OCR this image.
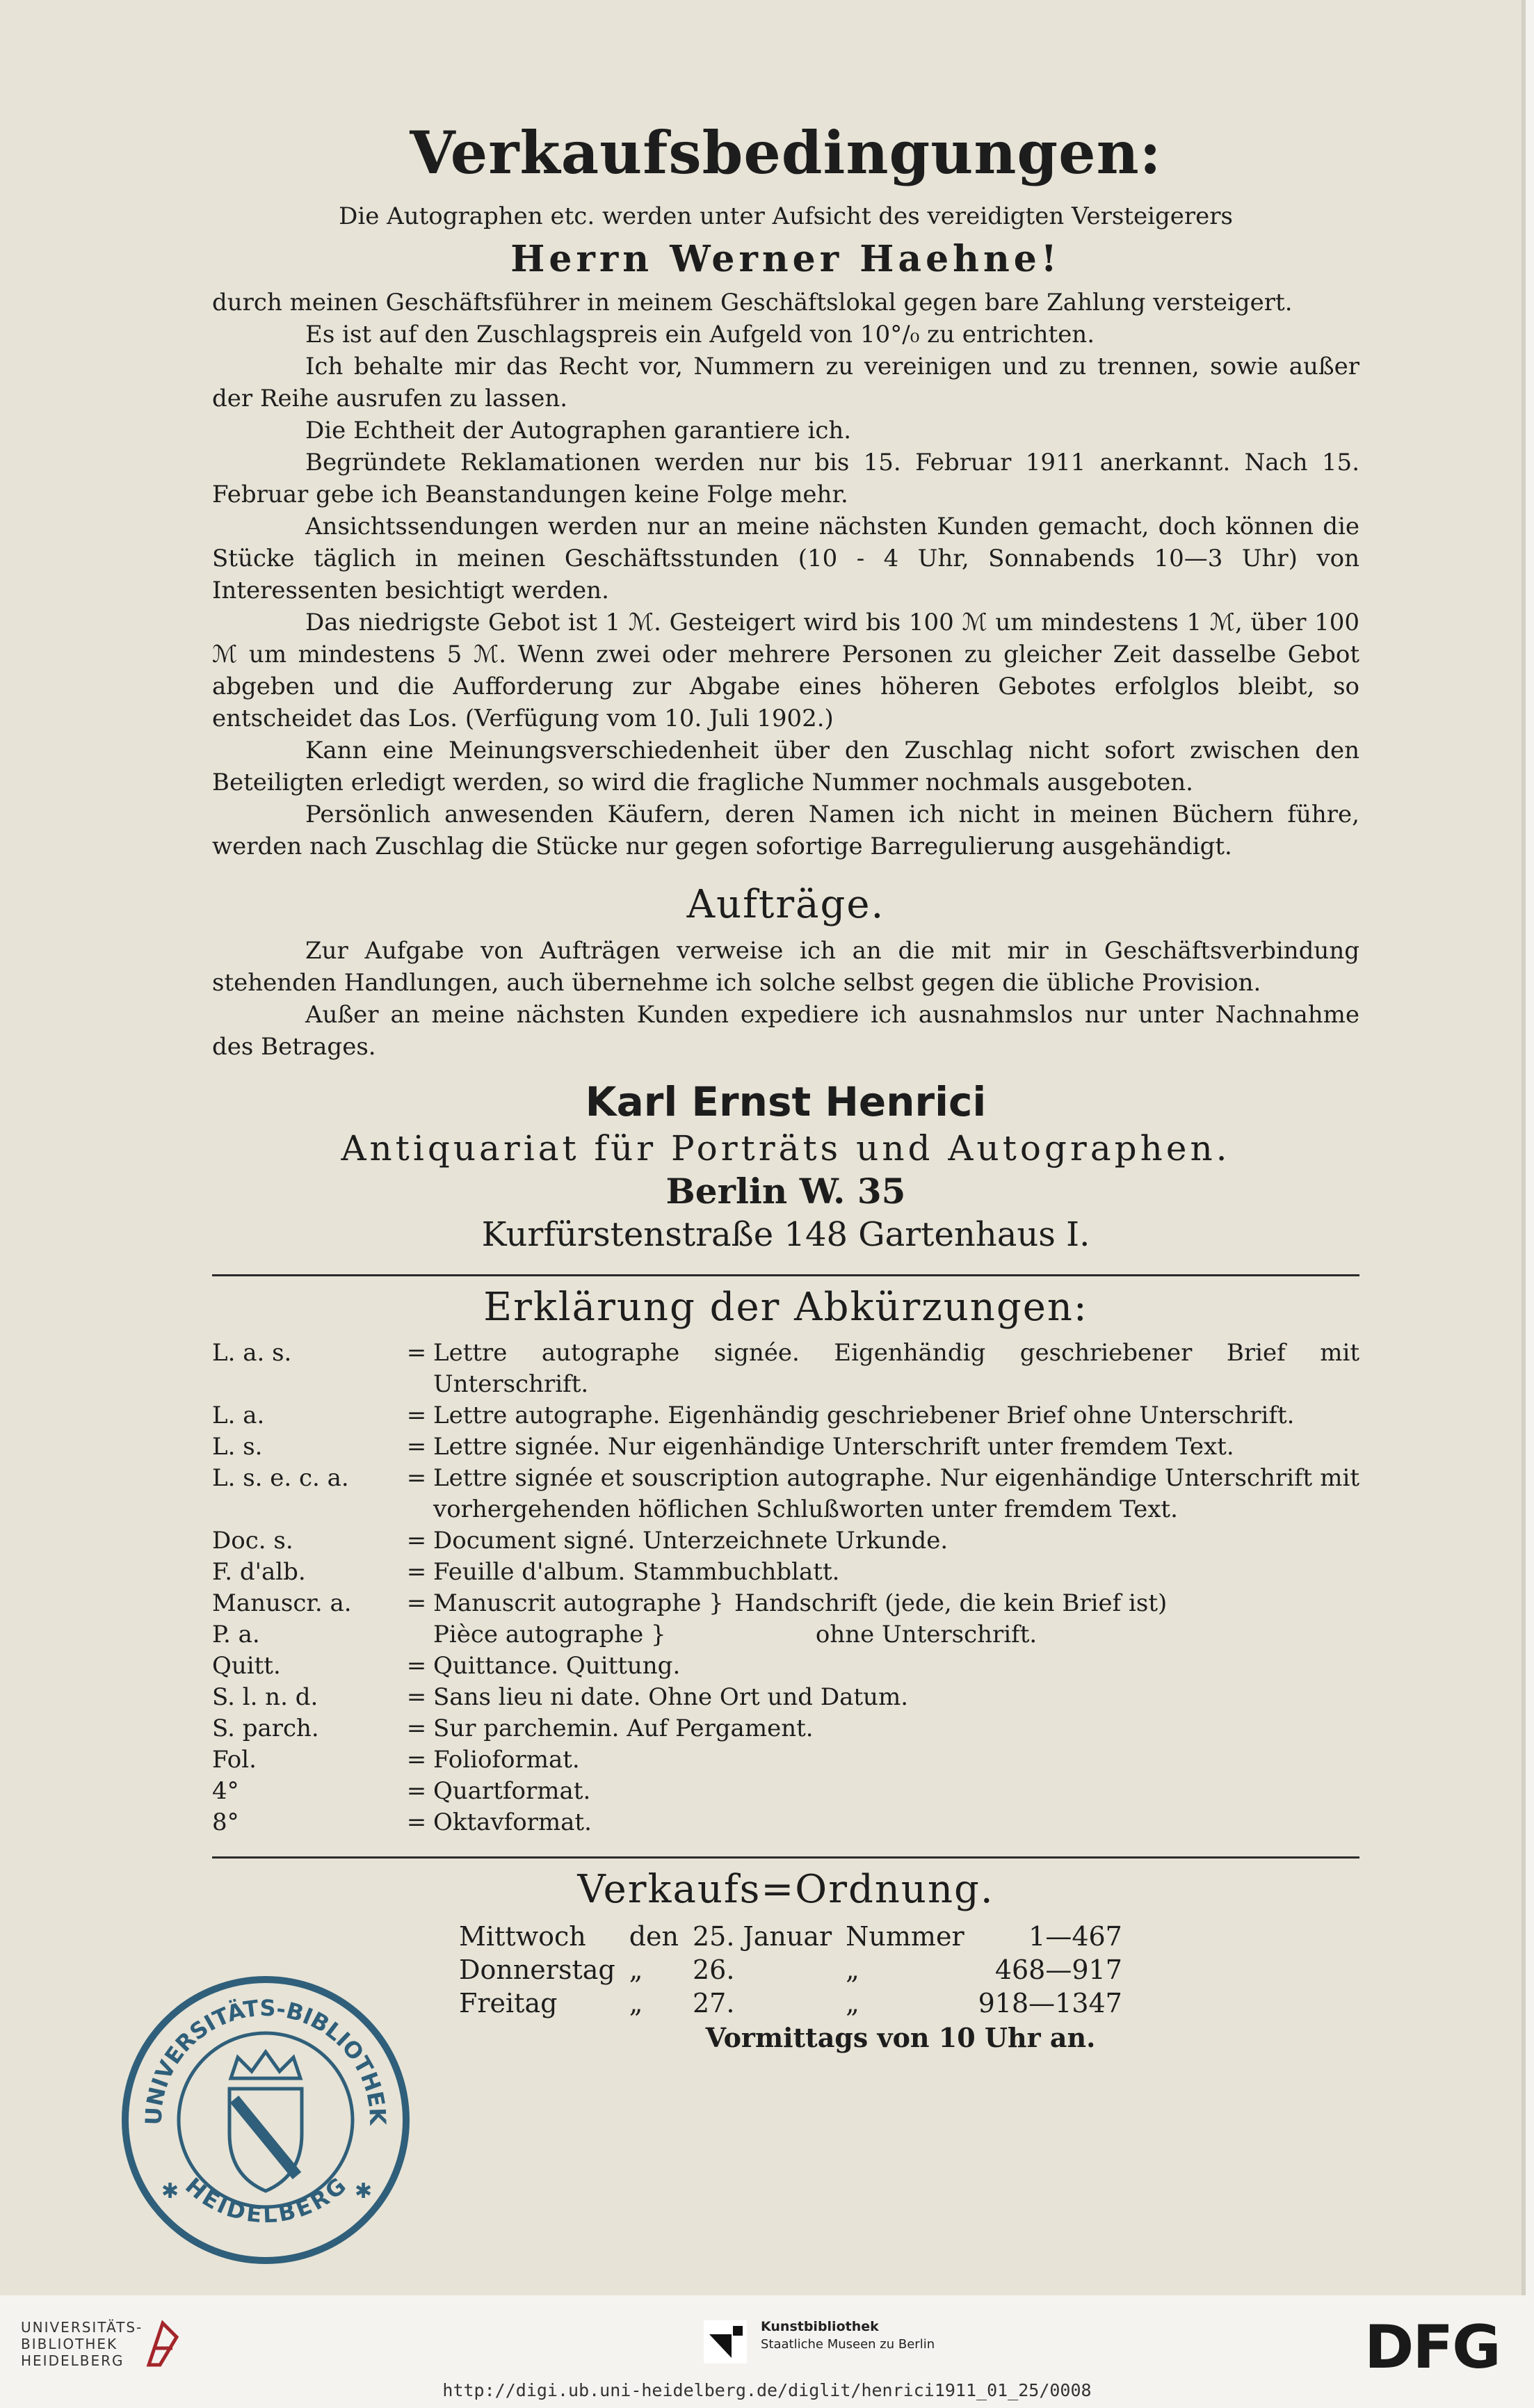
Verkaufsbedingungen:

Die Autographen etc. werden unter Aufsicht des vereidigten Versteigerers

Herrn Werner Haehne!

durch meinen Geschäftsführer in meinem Geschäftslokal gegen bare Zahlung versteigert.

Es ist auf den Zuschlagspreis ein Aufgeld von 10°/₀ zu entrichten.

Ich behalte mir das Recht vor, Nummern zu vereinigen und zu trennen, sowie außer der Reihe ausrufen zu lassen.

Die Echtheit der Autographen garantiere ich.

Begründete Reklamationen werden nur bis 15. Februar 1911 anerkannt. Nach 15. Februar gebe ich Beanstandungen keine Folge mehr.

Ansichtssendungen werden nur an meine nächsten Kunden gemacht, doch können die Stücke täglich in meinen Geschäftsstunden (10 - 4 Uhr, Sonnabends 10—3 Uhr) von Interessenten besichtigt werden.

Das niedrigste Gebot ist 1 ℳ. Gesteigert wird bis 100 ℳ um mindestens 1 ℳ, über 100 ℳ um mindestens 5 ℳ. Wenn zwei oder mehrere Personen zu gleicher Zeit dasselbe Gebot abgeben und die Aufforderung zur Abgabe eines höheren Gebotes erfolglos bleibt, so entscheidet das Los. (Verfügung vom 10. Juli 1902.)

Kann eine Meinungsverschiedenheit über den Zuschlag nicht sofort zwischen den Beteiligten erledigt werden, so wird die fragliche Nummer nochmals ausgeboten.

Persönlich anwesenden Käufern, deren Namen ich nicht in meinen Büchern führe, werden nach Zuschlag die Stücke nur gegen sofortige Barregulierung ausgehändigt.

Aufträge.

Zur Aufgabe von Aufträgen verweise ich an die mit mir in Geschäftsverbindung stehenden Handlungen, auch übernehme ich solche selbst gegen die übliche Provision.

Außer an meine nächsten Kunden expediere ich ausnahmslos nur unter Nachnahme des Betrages.

Karl Ernst Henrici
Antiquariat für Porträts und Autographen.
Berlin W. 35
Kurfürstenstraße 148 Gartenhaus I.
Erklärung der Abkürzungen:
L. a. s.	=	Lettre autographe signée. Eigenhändig geschriebener Brief mit Unterschrift.
L. a.	=	Lettre autographe. Eigenhändig geschriebener Brief ohne Unterschrift.
L. s.	=	Lettre signée. Nur eigenhändige Unterschrift unter fremdem Text.
L. s. e. c. a.	=	Lettre signée et souscription autographe. Nur eigenhändige Unterschrift mit vorhergehenden höflichen Schlußworten unter fremdem Text.
Doc. s.	=	Document signé. Unterzeichnete Urkunde.
F. d'alb.	=	Feuille d'album. Stammbuchblatt.
Manuscr. a.	=	Manuscrit autographe } Handschrift (jede, die kein Brief ist)
P. a.		Pièce autographe } ohne Unterschrift.
Quitt.	=	Quittance. Quittung.
S. l. n. d.	=	Sans lieu ni date. Ohne Ort und Datum.
S. parch.	=	Sur parchemin. Auf Pergament.
Fol.	=	Folioformat.
4°	=	Quartformat.
8°	=	Oktavformat.
Verkaufs=Ordnung.
Mittwoch	den	25. Januar	Nummer	1—467
Donnerstag	„	26.	„	468—917
Freitag	„	27.	„	918—1347
Vormittags von 10 Uhr an.
UNIVERSITÄTS-BIBLIOTHEK
HEIDELBERG
✱	✱
UNIVERSITÄTS-
BIBLIOTHEK
HEIDELBERG
Kunstbibliothek
Staatliche Museen zu Berlin	DFG
http://digi.ub.uni-heidelberg.de/diglit/henrici1911_01_25/0008
